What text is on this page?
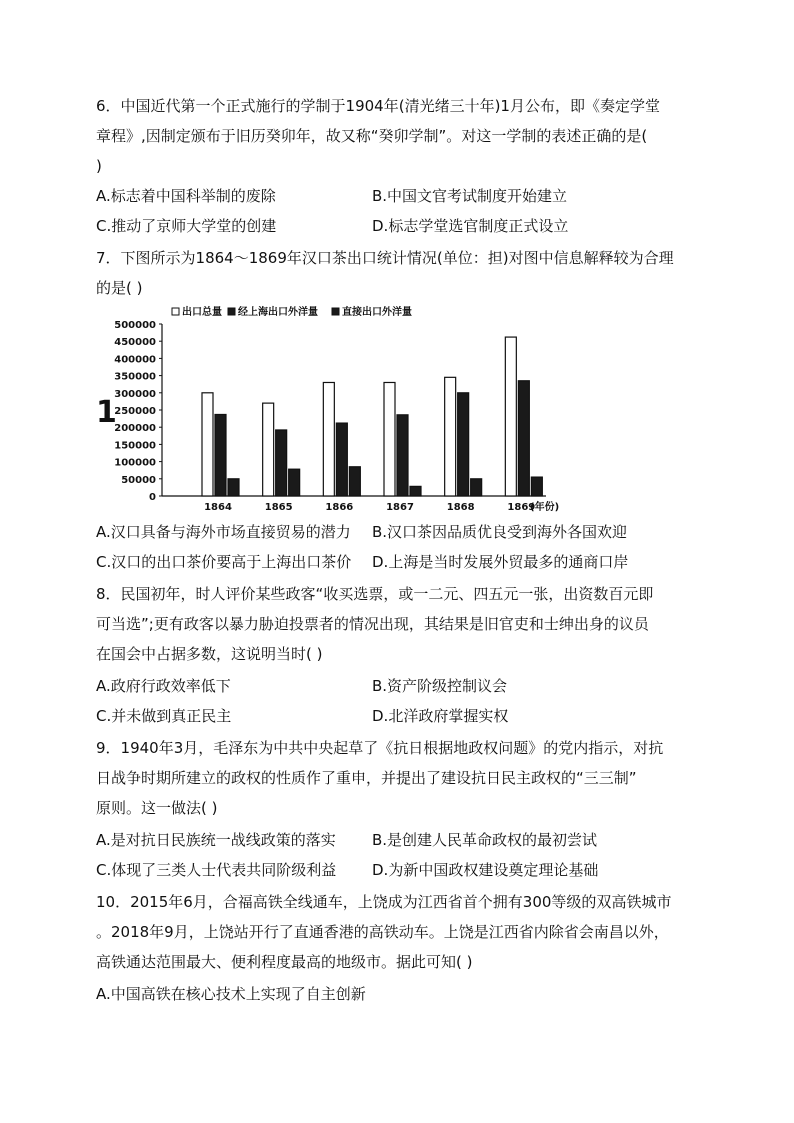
6．中国近代第一个正式施行的学制于1904年(清光绪三十年)1月公布，即《奏定学堂
章程》,因制定颁布于旧历癸卯年，故又称“癸卯学制”。对这一学制的表述正确的是(
)
A.标志着中国科举制的废除	B.中国文官考试制度开始建立
C.推动了京师大学堂的创建	D.标志学堂选官制度正式设立
7．下图所示为1864～1869年汉口茶出口统计情况(单位：担)对图中信息解释较为合理
的是( )
1
0
50000
100000
150000
200000
250000
300000
350000
400000
450000
500000
出口总量 经上海出口外洋量 直接出口外洋量
1864	1865	1866	1867	1868	1869
(年份)
A.汉口具备与海外市场直接贸易的潜力 B.汉口茶因品质优良受到海外各国欢迎
C.汉口的出口茶价要高于上海出口茶价 D.上海是当时发展外贸最多的通商口岸
8．民国初年，时人评价某些政客“收买选票，或一二元、四五元一张，出资数百元即
可当选”;更有政客以暴力胁迫投票者的情况出现，其结果是旧官吏和士绅出身的议员
在国会中占据多数，这说明当时( )
A.政府行政效率低下	B.资产阶级控制议会
C.并未做到真正民主	D.北洋政府掌握实权
9．1940年3月，毛泽东为中共中央起草了《抗日根据地政权问题》的党内指示，对抗
日战争时期所建立的政权的性质作了重申，并提出了建设抗日民主政权的“三三制”
原则。这一做法( )
A.是对抗日民族统一战线政策的落实 B.是创建人民革命政权的最初尝试
C.体现了三类人士代表共同阶级利益 D.为新中国政权建设奠定理论基础
10．2015年6月，合福高铁全线通车，上饶成为江西省首个拥有300等级的双高铁城市
。2018年9月，上饶站开行了直通香港的高铁动车。上饶是江西省内除省会南昌以外，
高铁通达范围最大、便利程度最高的地级市。据此可知( )
A.中国高铁在核心技术上实现了自主创新
